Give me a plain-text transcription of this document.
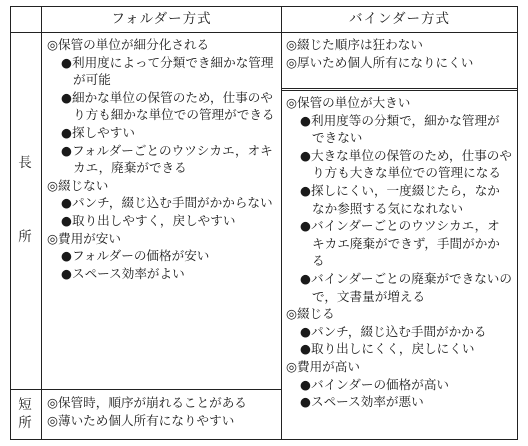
フォルダー方式	バインダー方式
長
所
短
所

◎保管の単位が細分化される

●利用度によって分類でき細かな管理が可能

●細かな単位の保管のため，仕事のやり方も細かな単位での管理ができる

●探しやすい

●フォルダーごとのウツシカエ，オキカエ，廃棄ができる

◎綴じない

●パンチ，綴じ込む手間がかからない

●取り出しやすく，戻しやすい

◎費用が安い

●フォルダーの価格が安い

●スペース効率がよい

◎保管時，順序が崩れることがある

◎薄いため個人所有になりやすい

◎綴じた順序は狂わない

◎厚いため個人所有になりにくい

◎保管の単位が大きい

●利用度等の分類で，細かな管理ができない

●大きな単位の保管のため，仕事のやり方も大きな単位での管理になる

●探しにくい，一度綴じたら，なかなか参照する気になれない

●バインダーごとのウツシカエ，オキカエ廃棄ができず，手間がかかる

●バインダーごとの廃棄ができないので，文書量が増える

◎綴じる

●パンチ，綴じ込む手間がかかる

●取り出しにくく，戻しにくい

◎費用が高い

●バインダーの価格が高い

●スペース効率が悪い
